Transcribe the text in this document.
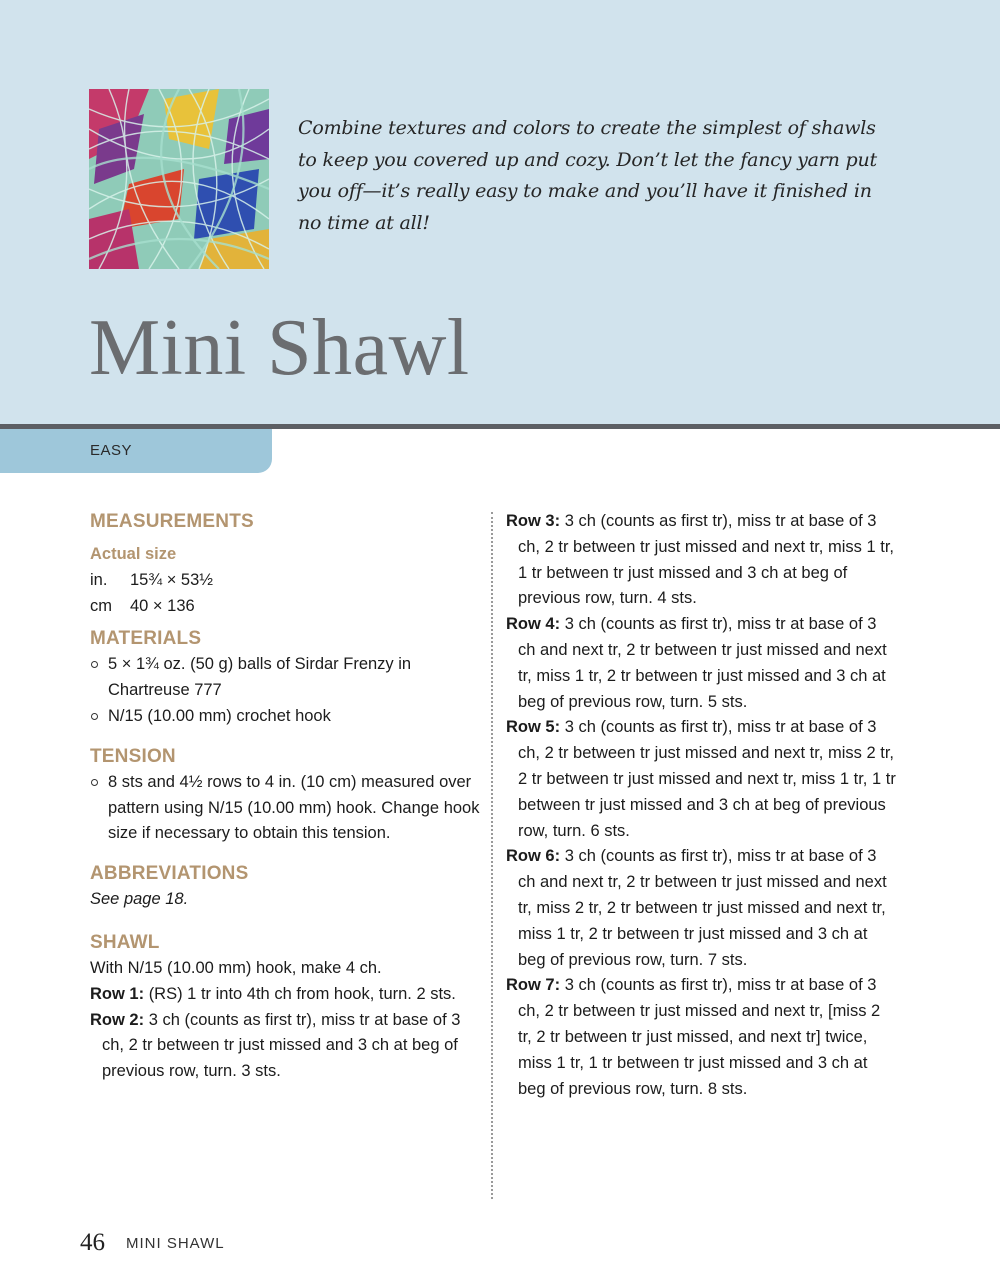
Combine textures and colors to create the simplest of shawls to keep you covered up and cozy. Don’t let the fancy yarn put you off—it’s really easy to make and you’ll have it finished in no time at all!

Mini Shawl
EASY
MEASUREMENTS
Actual size
in.	15¾ × 53½
cm	40 × 136
MATERIALS
5 × 1¾ oz. (50 g) balls of Sirdar Frenzy in Chartreuse 777
N/15 (10.00 mm) crochet hook
TENSION
8 sts and 4½ rows to 4 in. (10 cm) measured over pattern using N/15 (10.00 mm) hook. Change hook size if necessary to obtain this tension.
ABBREVIATIONS
See page 18.
SHAWL

With N/15 (10.00 mm) hook, make 4 ch.

Row 1: (RS) 1 tr into 4th ch from hook, turn. 2 sts.

Row 2: 3 ch (counts as first tr), miss tr at base of 3 ch, 2 tr between tr just missed and 3 ch at beg of previous row, turn. 3 sts.

Row 3: 3 ch (counts as first tr), miss tr at base of 3 ch, 2 tr between tr just missed and next tr, miss 1 tr, 1 tr between tr just missed and 3 ch at beg of previous row, turn. 4 sts.

Row 4: 3 ch (counts as first tr), miss tr at base of 3 ch and next tr, 2 tr between tr just missed and next tr, miss 1 tr, 2 tr between tr just missed and 3 ch at beg of previous row, turn. 5 sts.

Row 5: 3 ch (counts as first tr), miss tr at base of 3 ch, 2 tr between tr just missed and next tr, miss 2 tr, 2 tr between tr just missed and next tr, miss 1 tr, 1 tr between tr just missed and 3 ch at beg of previous row, turn. 6 sts.

Row 6: 3 ch (counts as first tr), miss tr at base of 3 ch and next tr, 2 tr between tr just missed and next tr, miss 2 tr, 2 tr between tr just missed and next tr, miss 1 tr, 2 tr between tr just missed and 3 ch at beg of previous row, turn. 7 sts.

Row 7: 3 ch (counts as first tr), miss tr at base of 3 ch, 2 tr between tr just missed and next tr, [miss 2 tr, 2 tr between tr just missed, and next tr] twice, miss 1 tr, 1 tr between tr just missed and 3 ch at beg of previous row, turn. 8 sts.

46 MINI SHAWL
